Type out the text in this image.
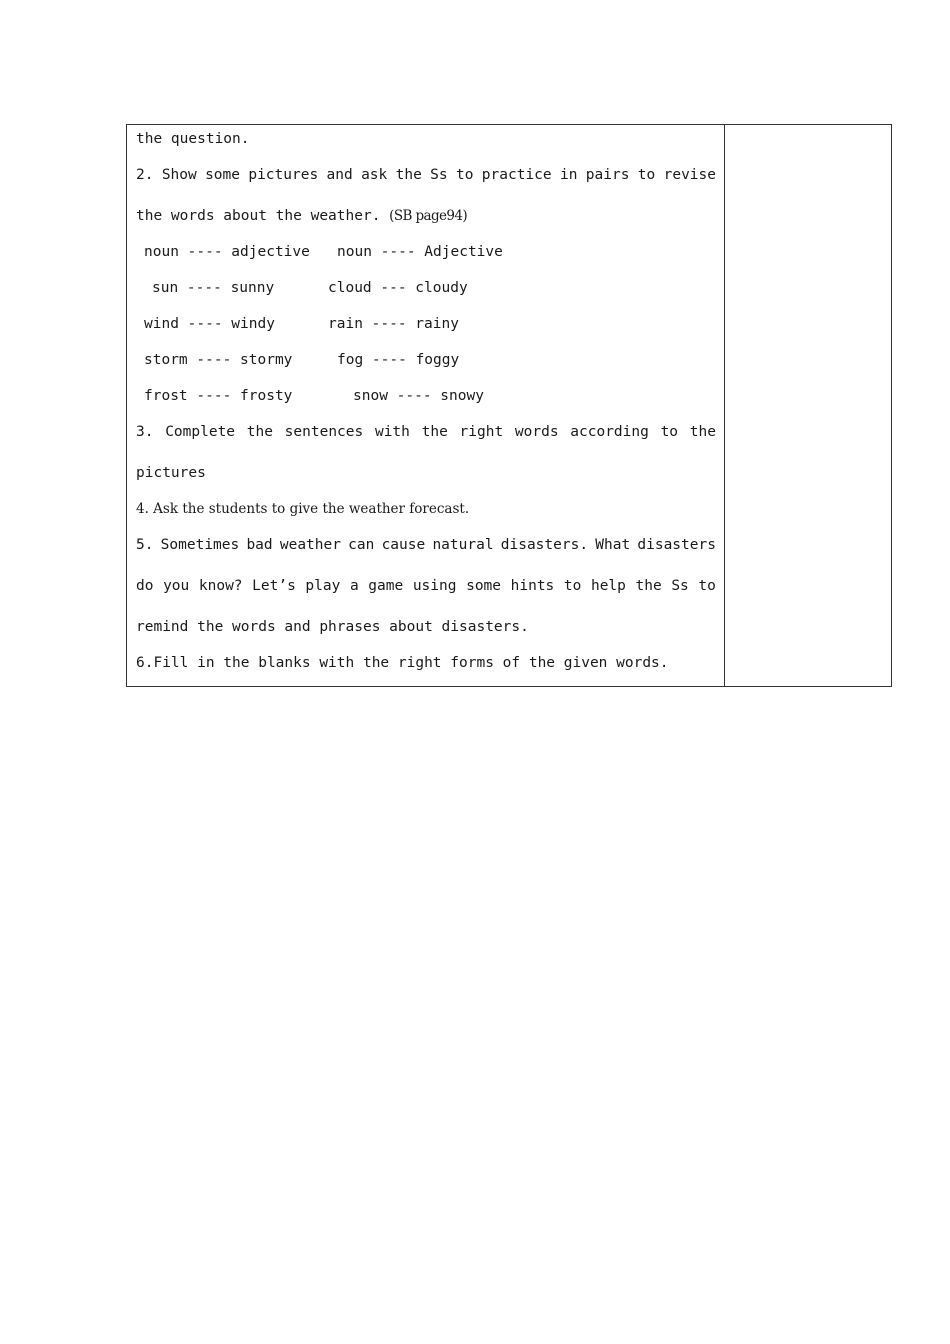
the question.
2. Show some pictures and ask the Ss to practice in pairs to revise
the words about the weather. (SB page94)
noun ---- adjective noun ---- Adjective
sun ---- sunny	cloud --- cloudy
wind ---- windy	rain ---- rainy
storm ---- stormy	fog ---- foggy
frost ---- frosty	snow ---- snowy
3. Complete the sentences with the right words according to the
pictures
4. Ask the students to give the weather forecast.
5. Sometimes bad weather can cause natural disasters. What disasters
do you know? Let’s play a game using some hints to help the Ss to
remind the words and phrases about disasters.
6.Fill in the blanks with the right forms of the given words.
